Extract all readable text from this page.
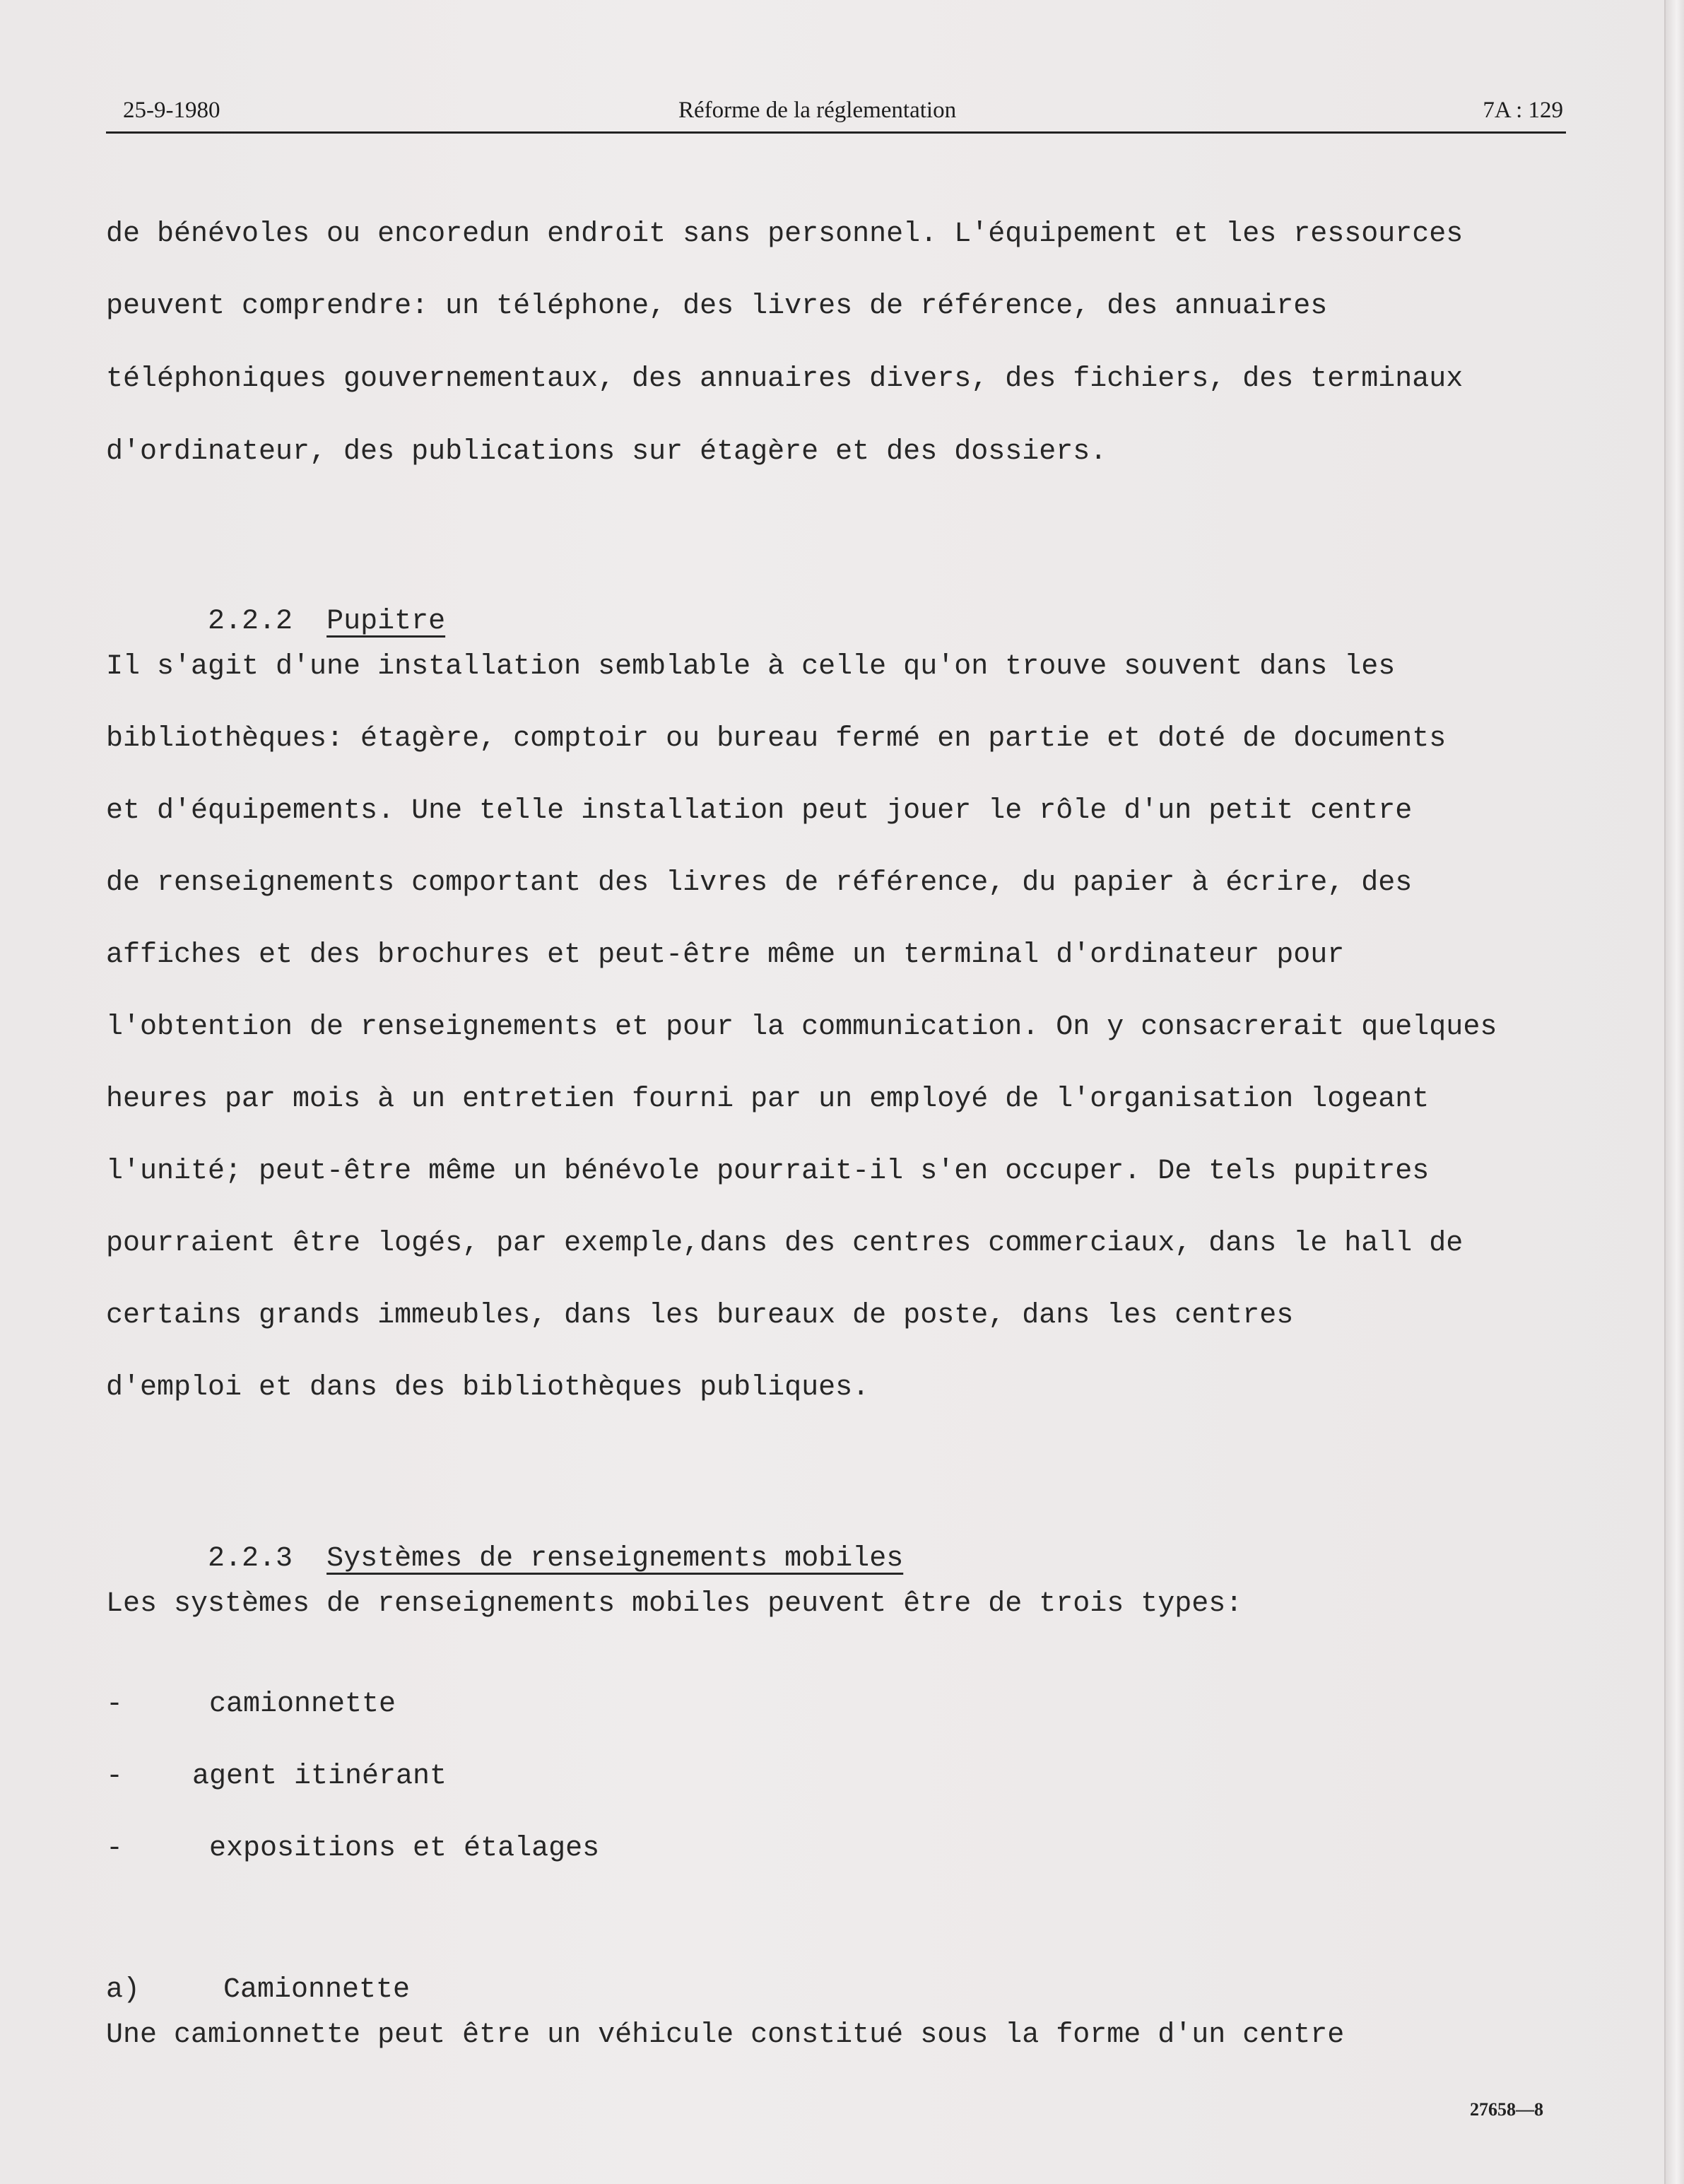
25-9-1980	Réforme de la réglementation	7A : 129
de bénévoles ou encoredun endroit sans personnel. L'équipement et les ressources
peuvent comprendre: un téléphone, des livres de référence, des annuaires
téléphoniques gouvernementaux, des annuaires divers, des fichiers, des terminaux
d'ordinateur, des publications sur étagère et des dossiers.

2.2.2 Pupitre

Il s'agit d'une installation semblable à celle qu'on trouve souvent dans les
bibliothèques: étagère, comptoir ou bureau fermé en partie et doté de documents
et d'équipements. Une telle installation peut jouer le rôle d'un petit centre
de renseignements comportant des livres de référence, du papier à écrire, des
affiches et des brochures et peut-être même un terminal d'ordinateur pour
l'obtention de renseignements et pour la communication. On y consacrerait quelques
heures par mois à un entretien fourni par un employé de l'organisation logeant
l'unité; peut-être même un bénévole pourrait-il s'en occuper. De tels pupitres
pourraient être logés, par exemple,dans des centres commerciaux, dans le hall de
certains grands immeubles, dans les bureaux de poste, dans les centres
d'emploi et dans des bibliothèques publiques.

2.2.3 Systèmes de renseignements mobiles

Les systèmes de renseignements mobiles peuvent être de trois types:

-	camionnette

- agent itinérant

-	expositions et étalages

a)	Camionnette

Une camionnette peut être un véhicule constitué sous la forme d'un centre
27658—8
